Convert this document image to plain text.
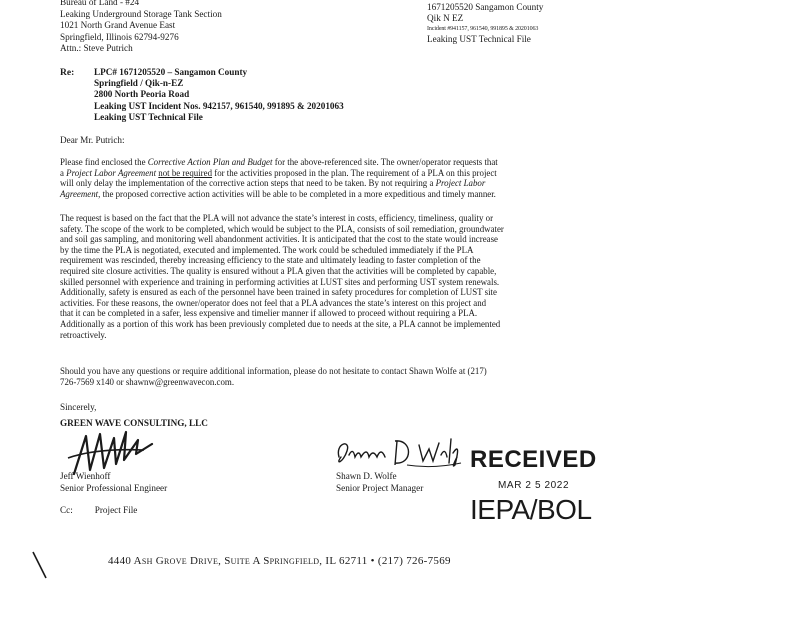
Bureau of Land - #24
Leaking Underground Storage Tank Section
1021 North Grand Avenue East
Springfield, Illinois 62794-9276
Attn.: Steve Putrich
1671205520 Sangamon County
Qik N EZ
Incident #941157, 961540, 991895 & 20201063
Leaking UST Technical File
Re: LPC# 1671205520 – Sangamon County
Springfield / Qik-n-EZ
2800 North Peoria Road
Leaking UST Incident Nos. 942157, 961540, 991895 & 20201063
Leaking UST Technical File
Dear Mr. Putrich:
Please find enclosed the Corrective Action Plan and Budget for the above-referenced site. The owner/operator requests that
a Project Labor Agreement not be required for the activities proposed in the plan. The requirement of a PLA on this project
will only delay the implementation of the corrective action steps that need to be taken. By not requiring a Project Labor
Agreement, the proposed corrective action activities will be able to be completed in a more expeditious and timely manner.
The request is based on the fact that the PLA will not advance the state’s interest in costs, efficiency, timeliness, quality or
safety. The scope of the work to be completed, which would be subject to the PLA, consists of soil remediation, groundwater
and soil gas sampling, and monitoring well abandonment activities. It is anticipated that the cost to the state would increase
by the time the PLA is negotiated, executed and implemented. The work could be scheduled immediately if the PLA
requirement was rescinded, thereby increasing efficiency to the state and ultimately leading to faster completion of the
required site closure activities. The quality is ensured without a PLA given that the activities will be completed by capable,
skilled personnel with experience and training in performing activities at LUST sites and performing UST system renewals.
Additionally, safety is ensured as each of the personnel have been trained in safety procedures for completion of LUST site
activities. For these reasons, the owner/operator does not feel that a PLA advances the state’s interest on this project and
that it can be completed in a safer, less expensive and timelier manner if allowed to proceed without requiring a PLA.
Additionally as a portion of this work has been previously completed due to needs at the site, a PLA cannot be implemented
retroactively.
Should you have any questions or require additional information, please do not hesitate to contact Shawn Wolfe at (217)
726-7569 x140 or shawnw@greenwavecon.com.
Sincerely,
GREEN WAVE CONSULTING, LLC
Jeff Wienhoff
Senior Professional Engineer
Shawn D. Wolfe
Senior Project Manager
Cc: Project File
RECEIVED
MAR 2 5 2022
IEPA/BOL
4440 Ash Grove Drive, Suite A Springfield, IL 62711 • (217) 726-7569
